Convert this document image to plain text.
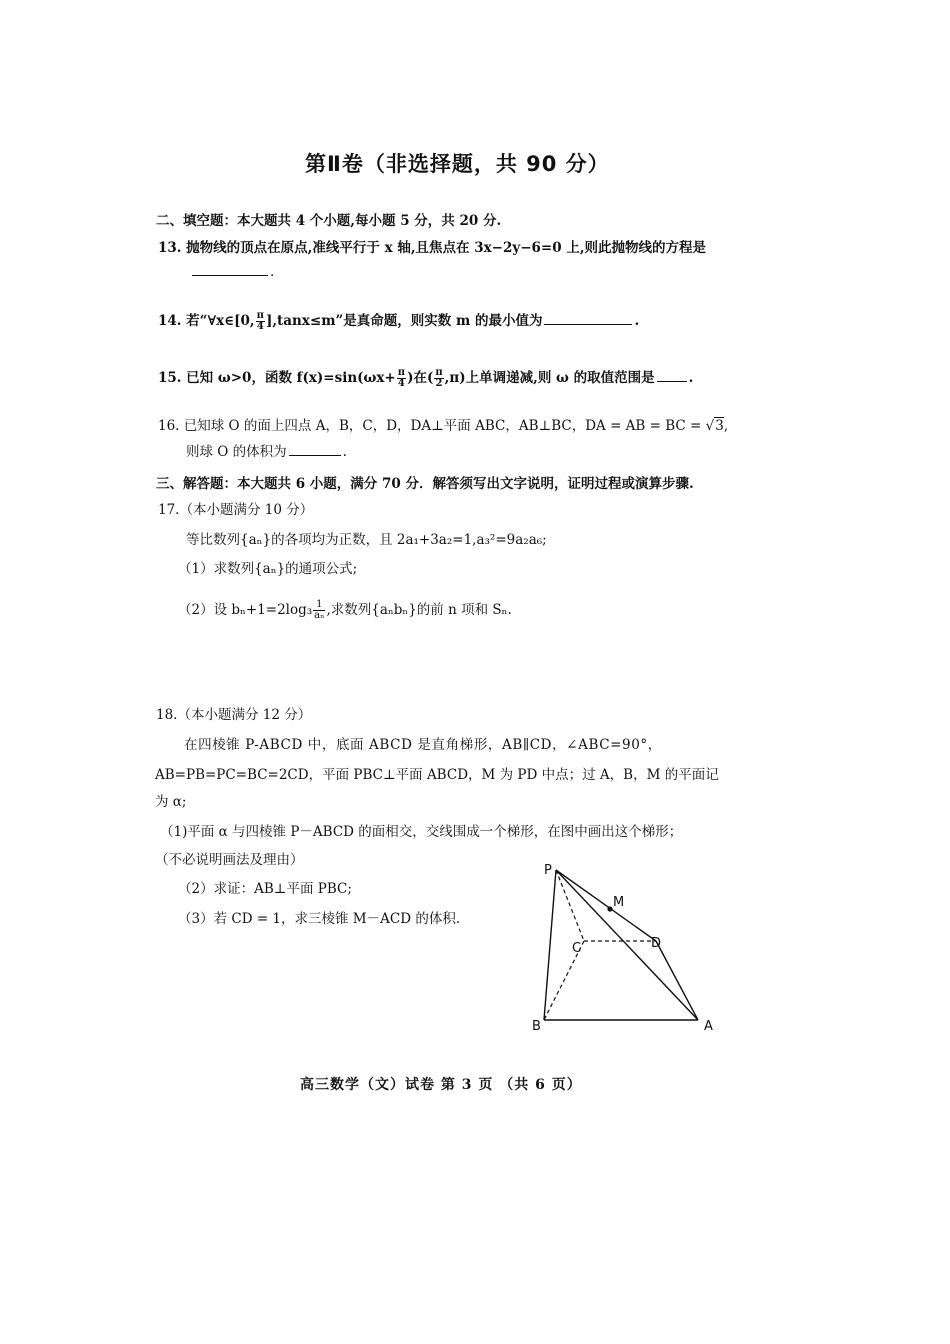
第Ⅱ卷（非选择题，共 90 分）
二、填空题：本大题共 4 个小题,每小题 5 分，共 20 分.
13. 抛物线的顶点在原点,准线平行于 x 轴,且焦点在 3x−2y−6=0 上,则此抛物线的方程是
.
14. 若“∀x∈[0, $\frac{\pi}{4} ],\tan x\le m$”是真命题，则实数 m 的最小值为	.
15. 已知 ω>0，函数 $f(x)=\sin(\omega x+ \frac{\pi}{4}$ )在( $\frac{\pi}{2} ,\pi$)上单调递减,则 ω 的取值范围是	.
16. 已知球 O 的面上四点 A，B，C，D，DA⊥平面 ABC，AB⊥BC，DA = AB = BC = √3,
则球 O 的体积为	.
三、解答题：本大题共 6 小题，满分 70 分．解答须写出文字说明，证明过程或演算步骤.
17.（本小题满分 10 分）
等比数列{aₙ}的各项均为正数，且 2a₁+3a₂=1,a₃²=9a₂a₆;
（1）求数列{aₙ}的通项公式;
（2）设 $b_n+1=2\log_3 \frac{1}{\text{aₙ}}$ ,求数列{aₙbₙ}的前 n 项和 Sₙ.
18.（本小题满分 12 分）
在四棱锥 P-ABCD 中，底面 ABCD 是直角梯形，AB∥CD，∠ABC=90°，
AB=PB=PC=BC=2CD，平面 PBC⊥平面 ABCD，M 为 PD 中点；过 A，B，M 的平面记
为 α;
（1)平面 α 与四棱锥 P－ABCD 的面相交，交线围成一个梯形，在图中画出这个梯形；
（不必说明画法及理由）
（2）求证：AB⊥平面 PBC;
（3）若 CD = 1，求三棱锥 M－ACD 的体积.
P
M
C	D
B	A
高三数学（文）试卷 第 3 页 （共 6 页）
